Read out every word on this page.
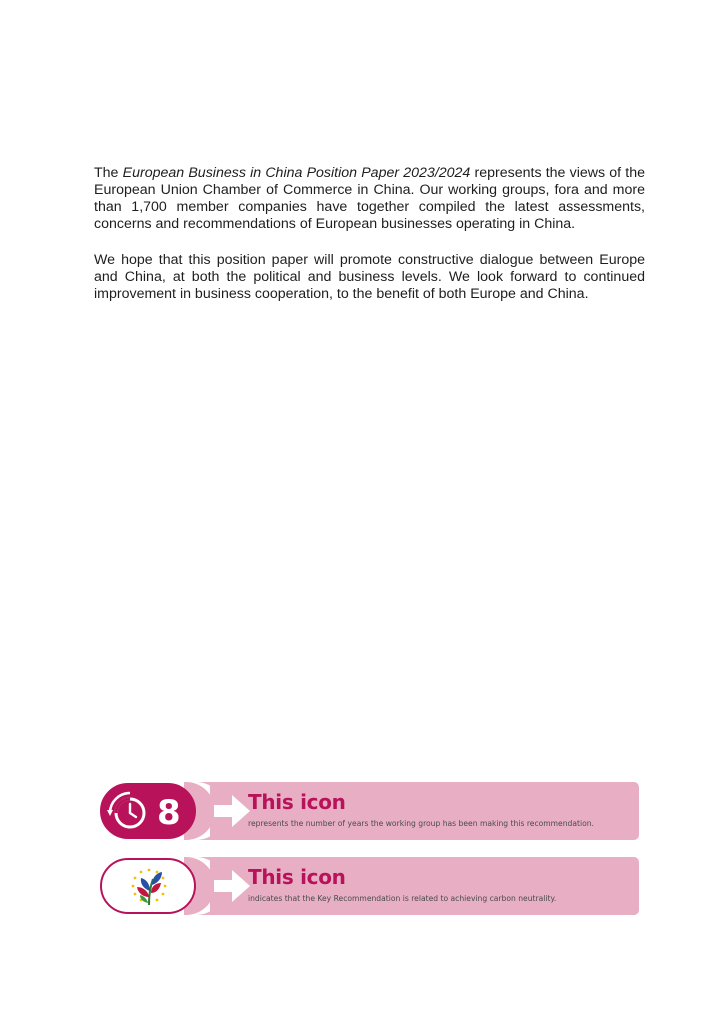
The European Business in China Position Paper 2023/2024 represents the views of the European Union Chamber of Commerce in China. Our working groups, fora and more than 1,700 member companies have together compiled the latest assessments, concerns and recommendations of European businesses operating in China.

We hope that this position paper will promote constructive dialogue between Europe and China, at both the political and business levels. We look forward to continued improvement in business cooperation, to the benefit of both Europe and China.

8	This icon
represents the number of years the working group has been making this recommendation.
This icon
indicates that the Key Recommendation is related to achieving carbon neutrality.
